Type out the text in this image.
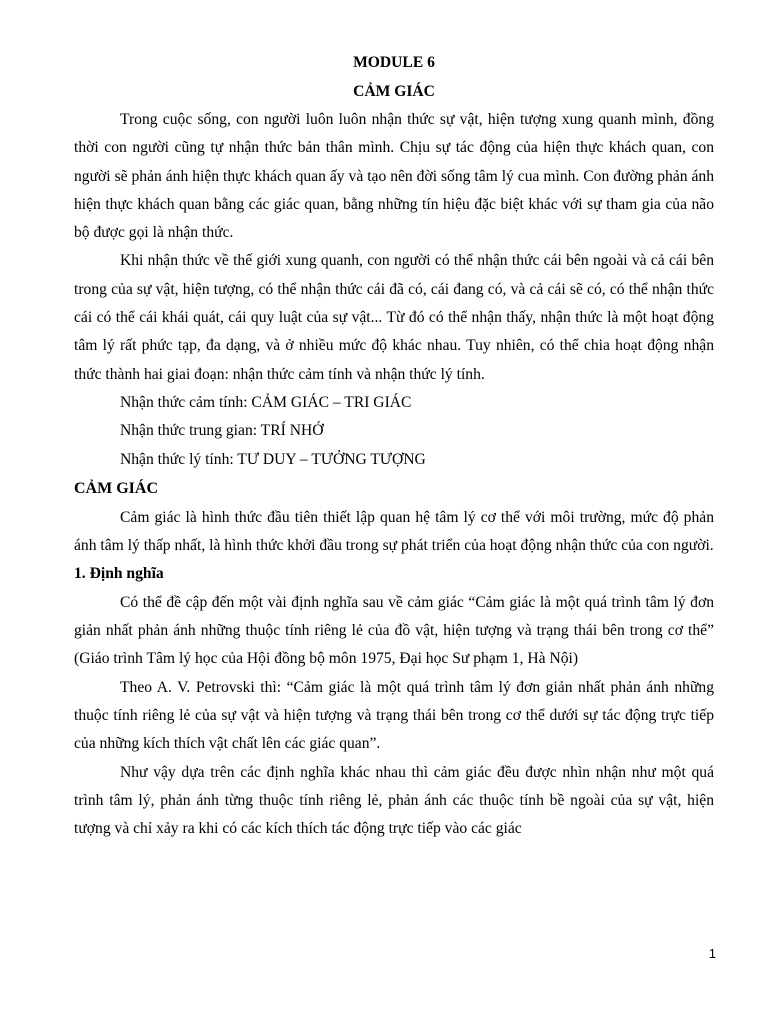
MODULE 6
CẢM GIÁC

Trong cuộc sống, con người luôn luôn nhận thức sự vật, hiện tượng xung quanh mình, đồng thời con người cũng tự nhận thức bản thân mình. Chịu sự tác động của hiện thực khách quan, con người sẽ phản ánh hiện thực khách quan ấy và tạo nên đời sống tâm lý cua mình. Con đường phản ánh hiện thực khách quan bằng các giác quan, bằng những tín hiệu đặc biệt khác với sự tham gia của não bộ được gọi là nhận thức.

Khi nhận thức về thế giới xung quanh, con người có thể nhận thức cái bên ngoài và cả cái bên trong của sự vật, hiện tượng, có thể nhận thức cái đã có, cái đang có, và cả cái sẽ có, có thể nhận thức cái có thể cái khái quát, cái quy luật của sự vật... Từ đó có thể nhận thấy, nhận thức là một hoạt động tâm lý rất phức tạp, đa dạng, và ở nhiều mức độ khác nhau. Tuy nhiên, có thể chia hoạt động nhận thức thành hai giai đoạn: nhận thức cảm tính và nhận thức lý tính.

Nhận thức cảm tính: CẢM GIÁC – TRI GIÁC

Nhận thức trung gian: TRÍ NHỚ

Nhận thức lý tính: TƯ DUY – TƯỞNG TƯỢNG

CẢM GIÁC

Cảm giác là hình thức đầu tiên thiết lập quan hệ tâm lý cơ thể với môi trường, mức độ phản ánh tâm lý thấp nhất, là hình thức khởi đầu trong sự phát triển của hoạt động nhận thức của con người.

1. Định nghĩa

Có thể đề cập đến một vài định nghĩa sau về cảm giác “Cảm giác là một quá trình tâm lý đơn giản nhất phản ánh những thuộc tính riêng lẻ của đồ vật, hiện tượng và trạng thái bên trong cơ thể” (Giáo trình Tâm lý học của Hội đồng bộ môn 1975, Đại học Sư phạm 1, Hà Nội)

Theo A. V. Petrovski thì: “Cảm giác là một quá trình tâm lý đơn giản nhất phản ánh những thuộc tính riêng lẻ của sự vật và hiện tượng và trạng thái bên trong cơ thể dưới sự tác động trực tiếp của những kích thích vật chất lên các giác quan”.

Như vậy dựa trên các định nghĩa khác nhau thì cảm giác đều được nhìn nhận như một quá trình tâm lý, phản ánh từng thuộc tính riêng lẻ, phản ánh các thuộc tính bề ngoài của sự vật, hiện tượng và chỉ xảy ra khi có các kích thích tác động trực tiếp vào các giác

1
